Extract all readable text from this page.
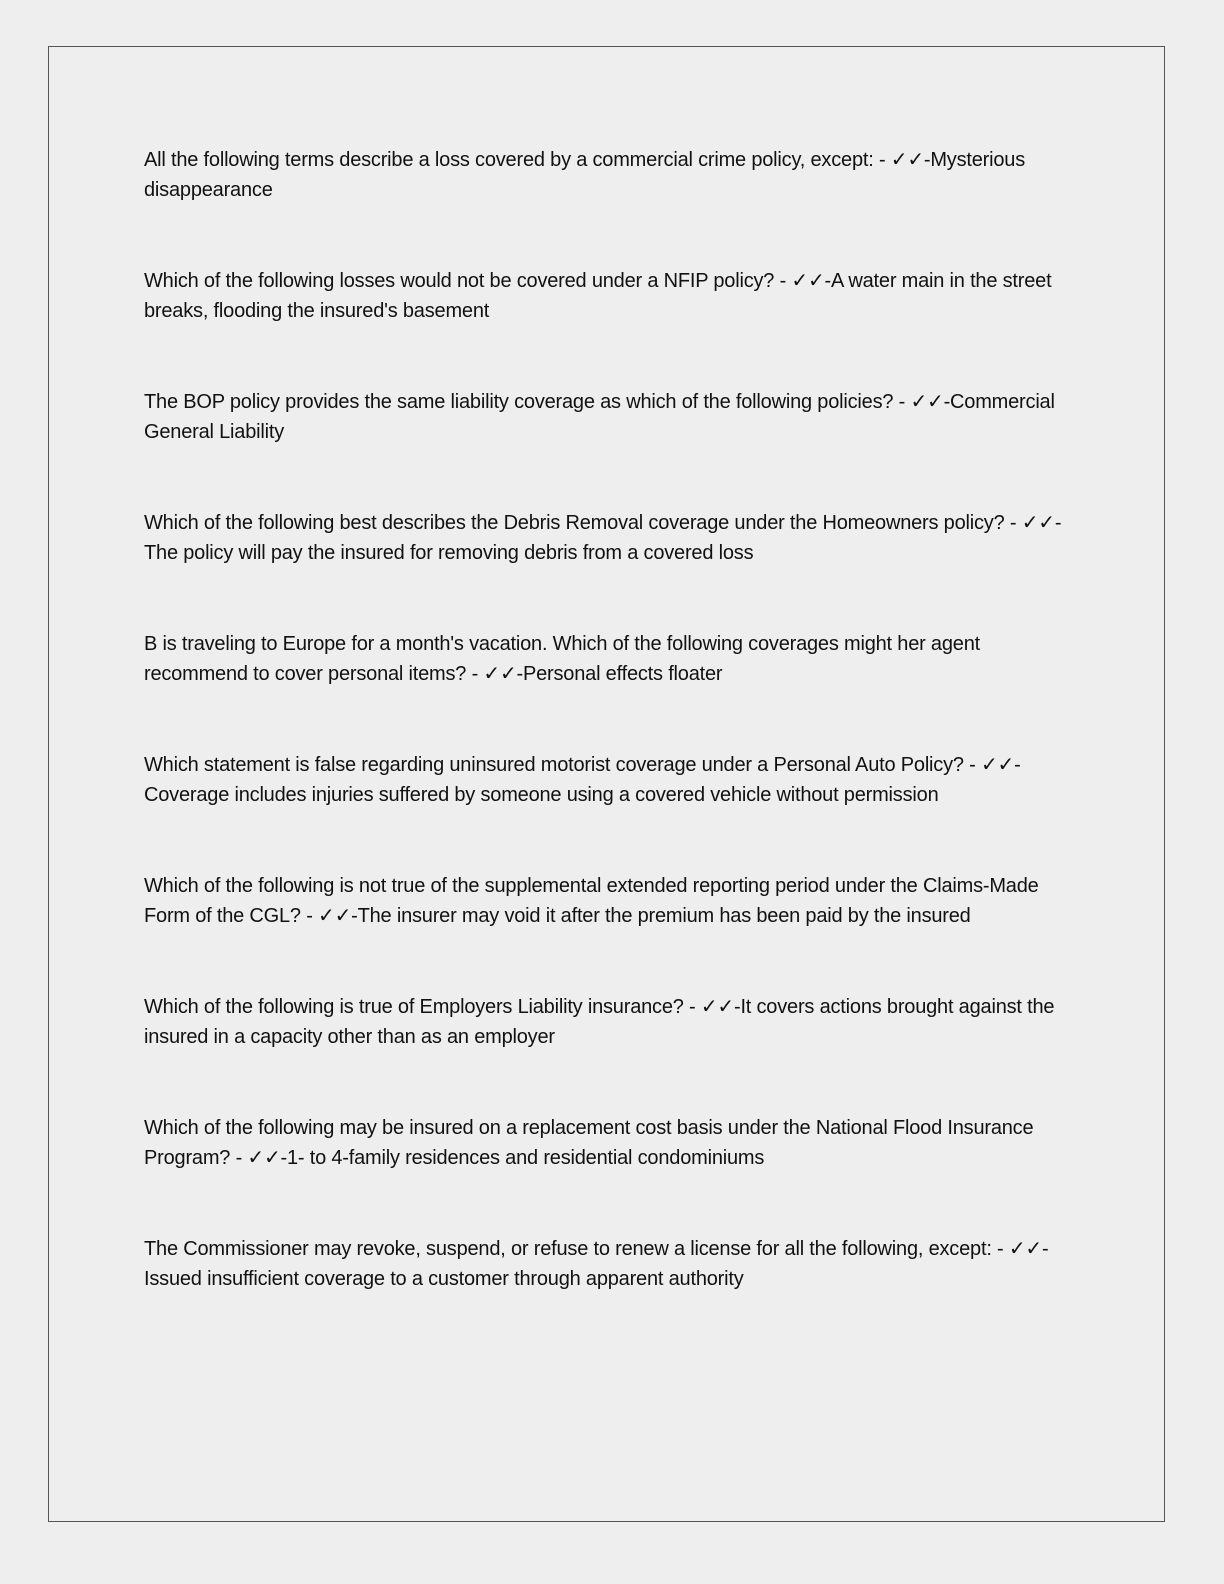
All the following terms describe a loss covered by a commercial crime policy, except: - ✓✓-Mysterious disappearance
Which of the following losses would not be covered under a NFIP policy? - ✓✓-A water main in the street breaks, flooding the insured's basement
The BOP policy provides the same liability coverage as which of the following policies? - ✓✓-Commercial General Liability
Which of the following best describes the Debris Removal coverage under the Homeowners policy? - ✓✓-The policy will pay the insured for removing debris from a covered loss
B is traveling to Europe for a month's vacation. Which of the following coverages might her agent recommend to cover personal items? - ✓✓-Personal effects floater
Which statement is false regarding uninsured motorist coverage under a Personal Auto Policy? - ✓✓-Coverage includes injuries suffered by someone using a covered vehicle without permission
Which of the following is not true of the supplemental extended reporting period under the Claims-Made Form of the CGL? - ✓✓-The insurer may void it after the premium has been paid by the insured
Which of the following is true of Employers Liability insurance? - ✓✓-It covers actions brought against the insured in a capacity other than as an employer
Which of the following may be insured on a replacement cost basis under the National Flood Insurance Program? - ✓✓-1- to 4-family residences and residential condominiums
The Commissioner may revoke, suspend, or refuse to renew a license for all the following, except: - ✓✓-Issued insufficient coverage to a customer through apparent authority
